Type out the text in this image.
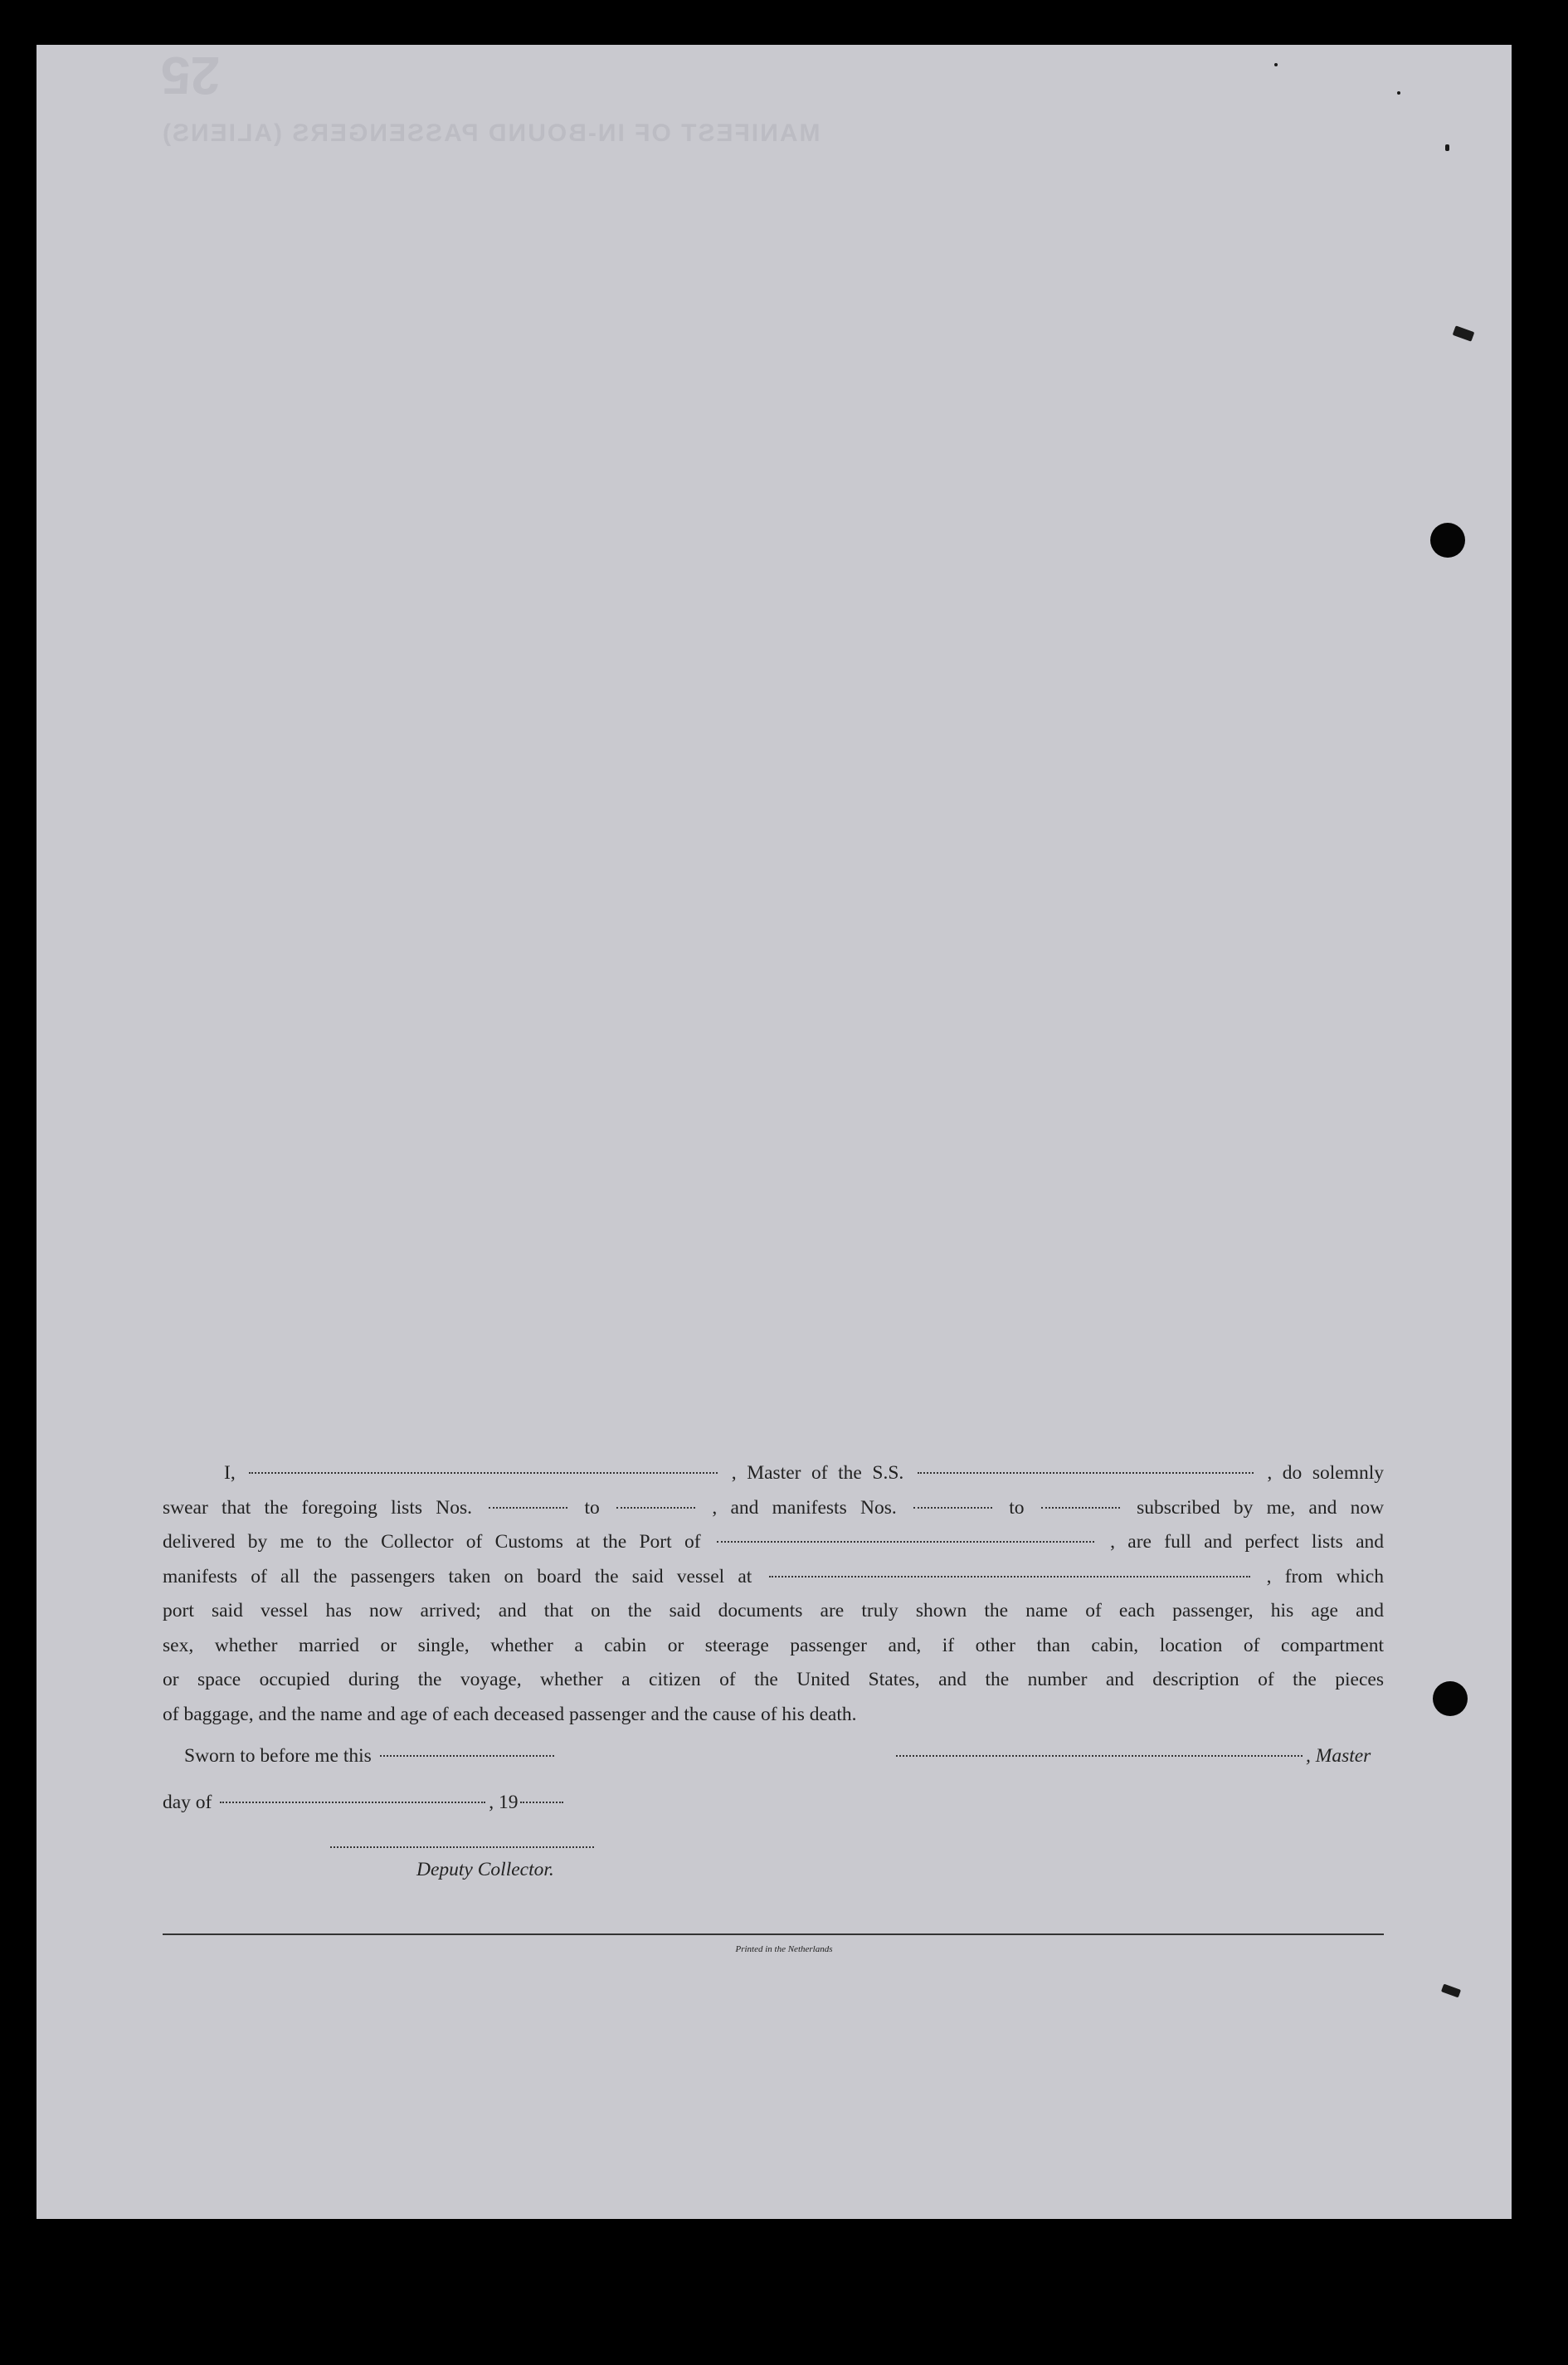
25
MANIFEST OF IN-BOUND PASSENGERS (ALIENS)
I,	, Master of the S.S.	, do solemnly
swear that the foregoing lists Nos.	to	, and manifests Nos.	to	subscribed by me, and now
delivered by me to the Collector of Customs at the Port of	, are full and perfect lists and
manifests of all the passengers taken on board the said vessel at	, from which
port said vessel has now arrived; and that on the said documents are truly shown the name of each passenger, his age and
sex, whether married or single, whether a cabin or steerage passenger and, if other than cabin, location of compartment
or space occupied during the voyage, whether a citizen of the United States, and the number and description of the pieces
of baggage, and the name and age of each deceased passenger and the cause of his death.
Sworn to before me this	, Master
day of	, 19
Deputy Collector.
Printed in the Netherlands
